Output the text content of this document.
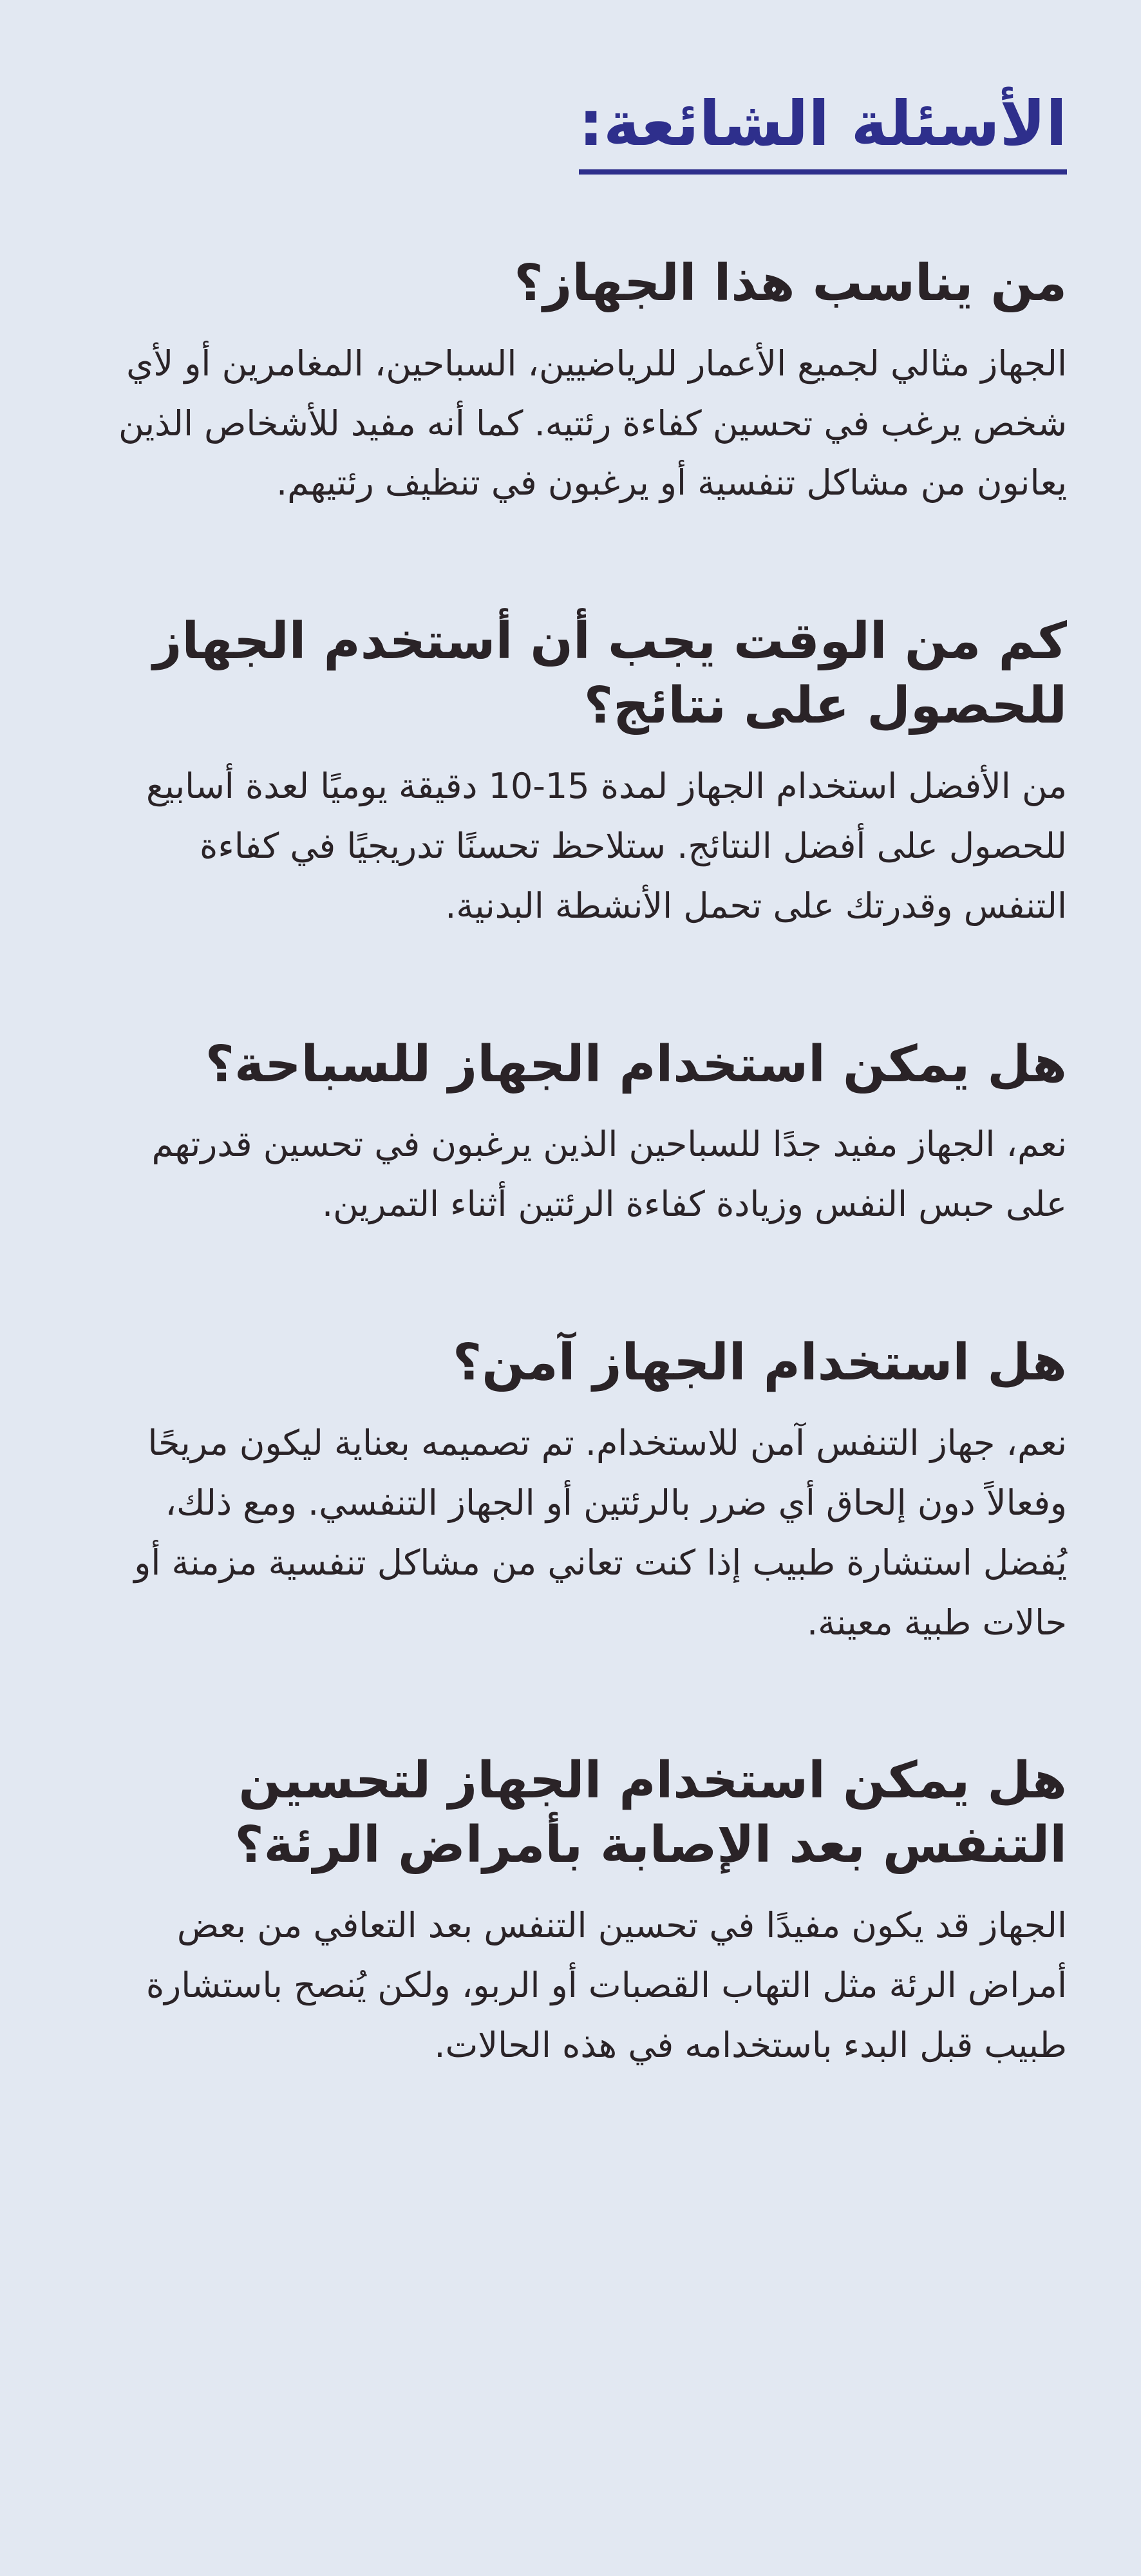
الأسئلة الشائعة:
من يناسب هذا الجهاز؟

الجهاز مثالي لجميع الأعمار للرياضيين، السباحين، المغامرين أو لأي شخص يرغب في تحسين كفاءة رئتيه. كما أنه مفيد للأشخاص الذين يعانون من مشاكل تنفسية أو يرغبون في تنظيف رئتيهم.

كم من الوقت يجب أن أستخدم الجهاز للحصول على نتائج؟

من الأفضل استخدام الجهاز لمدة 15-10 دقيقة يوميًا لعدة أسابيع للحصول على أفضل النتائج. ستلاحظ تحسنًا تدريجيًا في كفاءة التنفس وقدرتك على تحمل الأنشطة البدنية.

هل يمكن استخدام الجهاز للسباحة؟

نعم، الجهاز مفيد جدًا للسباحين الذين يرغبون في تحسين قدرتهم على حبس النفس وزيادة كفاءة الرئتين أثناء التمرين.

هل استخدام الجهاز آمن؟

نعم، جهاز التنفس آمن للاستخدام. تم تصميمه بعناية ليكون مريحًا وفعالاً دون إلحاق أي ضرر بالرئتين أو الجهاز التنفسي. ومع ذلك، يُفضل استشارة طبيب إذا كنت تعاني من مشاكل تنفسية مزمنة أو حالات طبية معينة.

هل يمكن استخدام الجهاز لتحسين التنفس بعد الإصابة بأمراض الرئة؟

الجهاز قد يكون مفيدًا في تحسين التنفس بعد التعافي من بعض أمراض الرئة مثل التهاب القصبات أو الربو، ولكن يُنصح باستشارة طبيب قبل البدء باستخدامه في هذه الحالات.
